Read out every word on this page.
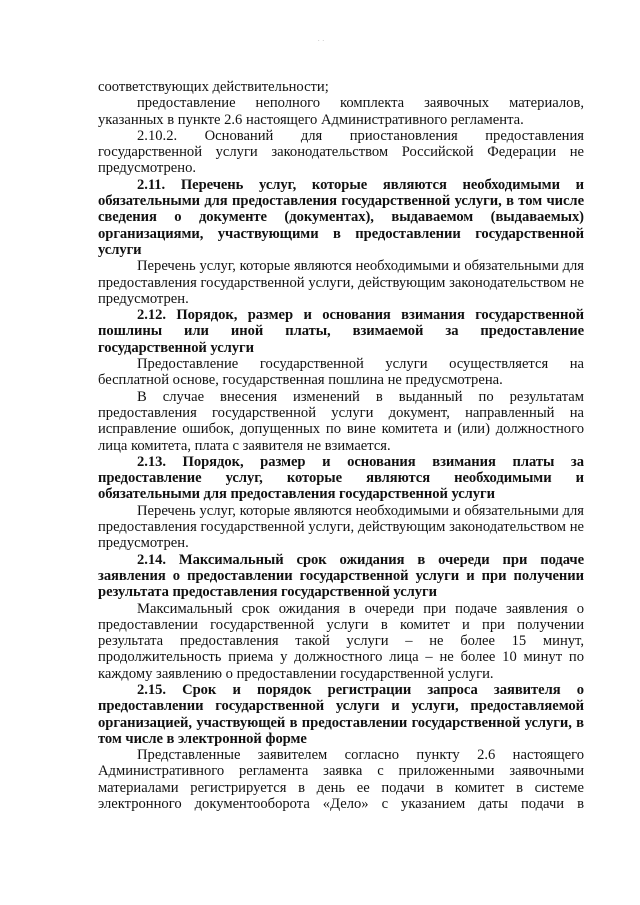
· ·

соответствующих действительности;

предоставление неполного комплекта заявочных материалов, указанных в пункте 2.6 настоящего Административного регламента.

2.10.2. Оснований для приостановления предоставления государственной услуги законодательством Российской Федерации не предусмотрено.

2.11. Перечень услуг, которые являются необходимыми и обязательными для предоставления государственной услуги, в том числе сведения о документе (документах), выдаваемом (выдаваемых) организациями, участвующими в предоставлении государственной услуги

Перечень услуг, которые являются необходимыми и обязательными для предоставления государственной услуги, действующим законодательством не предусмотрен.

2.12. Порядок, размер и основания взимания государственной пошлины или иной платы, взимаемой за предоставление государственной услуги

Предоставление государственной услуги осуществляется на бесплатной основе, государственная пошлина не предусмотрена.

В случае внесения изменений в выданный по результатам предоставления государственной услуги документ, направленный на исправление ошибок, допущенных по вине комитета и (или) должностного лица комитета, плата с заявителя не взимается.

2.13. Порядок, размер и основания взимания платы за предоставление услуг, которые являются необходимыми и обязательными для предоставления государственной услуги

Перечень услуг, которые являются необходимыми и обязательными для предоставления государственной услуги, действующим законодательством не предусмотрен.

2.14. Максимальный срок ожидания в очереди при подаче заявления о предоставлении государственной услуги и при получении результата предоставления государственной услуги

Максимальный срок ожидания в очереди при подаче заявления о предоставлении государственной услуги в комитет и при получении результата предоставления такой услуги – не более 15 минут, продолжительность приема у должностного лица – не более 10 минут по каждому заявлению о предоставлении государственной услуги.

2.15. Срок и порядок регистрации запроса заявителя о предоставлении государственной услуги и услуги, предоставляемой организацией, участвующей в предоставлении государственной услуги, в том числе в электронной форме

Представленные заявителем согласно пункту 2.6 настоящего Административного регламента заявка с приложенными заявочными материалами регистрируется в день ее подачи в комитет в системе электронного документооборота «Дело» с указанием даты подачи в
